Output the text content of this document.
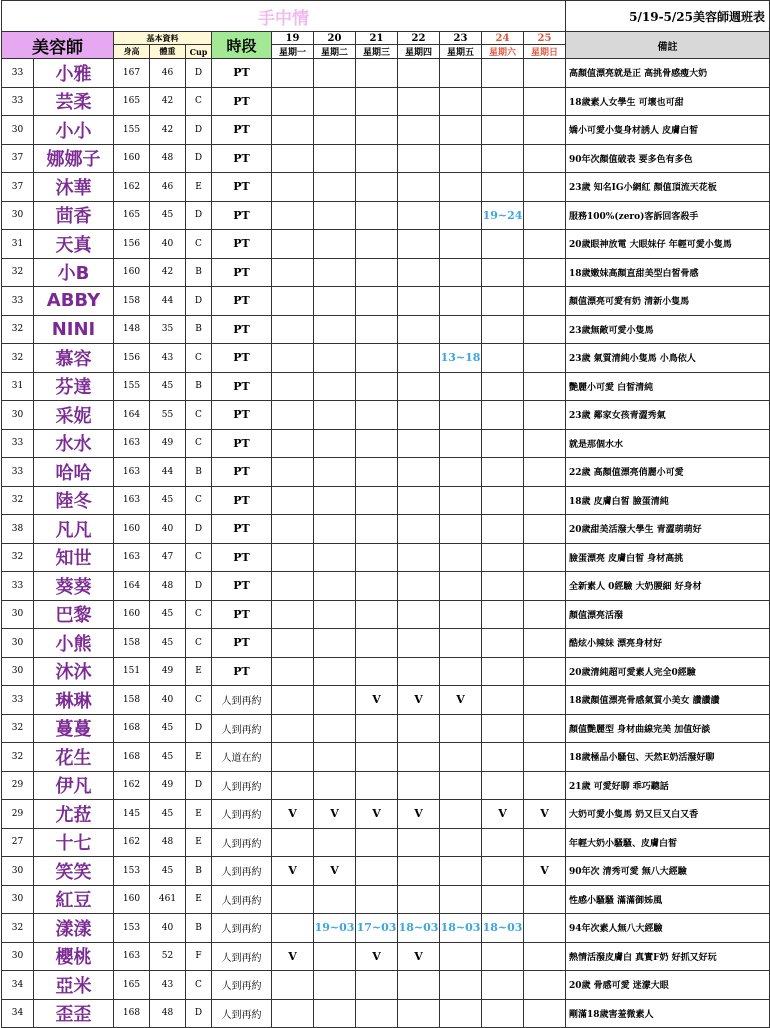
手中情													5/19-5/25美容師週班表
美容師		基本資料			時段	19	20	21	22	23	24	25	備註
		身高	體重	Cup									
						星期一	星期二	星期三	星期四	星期五	星期六	星期日	
33	小雅	167	46	D	PT								高顏值漂亮就是正 高挑骨感瘦大奶
33	芸柔	165	42	C	PT								18歲素人女學生 可壞也可甜
30	小小	155	42	D	PT								嬌小可愛小隻身材誘人 皮膚白皙
37	娜娜子	160	48	D	PT								90年次顏值破表 要多色有多色
37	沐華	162	46	E	PT								23歲 知名IG小網紅 顏值頂流天花板
30	茴香	165	45	D	PT						19~24		服務100%(zero)客訴回客殺手
31	天真	156	40	C	PT								20歲眼神放電 大眼妹仔 年輕可愛小隻馬
32	小B	160	42	B	PT								18歲嫩妹高顏直甜美型白皙骨感
33	ABBY	158	44	D	PT								顏值漂亮可愛有奶 清新小隻馬
32	NINI	148	35	B	PT								23歲無敵可愛小隻馬
32	慕容	156	43	C	PT					13~18			23歲 氣質清純小隻馬 小鳥依人
31	芬達	155	45	B	PT								艷麗小可愛 白皙清純
30	采妮	164	55	C	PT								23歲 鄰家女孩青澀秀氣
33	水水	163	49	C	PT								就是那個水水
33	哈哈	163	44	B	PT								22歲 高顏值漂亮俏麗小可愛
32	陸冬	163	45	C	PT								18歲 皮膚白皙 臉蛋清純
38	凡凡	160	40	D	PT								20歲甜美活潑大學生 青澀萌萌好
32	知世	163	47	C	PT								臉蛋漂亮 皮膚白皙 身材高挑
33	葵葵	164	48	D	PT								全新素人 0經驗 大奶腰細 好身材
30	巴黎	160	45	C	PT								顏值漂亮活潑
30	小熊	158	45	C	PT								酷炫小辣妹 漂亮身材好
30	沐沐	151	49	E	PT								20歲清純超可愛素人完全0經驗
33	琳琳	158	40	C	人到再約			V	V	V			18歲顏值漂亮骨感氣質小美女 讚讚讚
32	蔓蔓	168	45	D	人到再約								顏值艷麗型 身材曲線完美 加值好談
32	花生	168	45	E	人道在約								18歲極品小騷包、天然E奶活潑好聊
29	伊凡	162	49	D	人到再約								21歲 可愛好聊 乖巧聽話
29	尤菈	145	45	E	人到再約	V	V	V	V		V	V	大奶可愛小隻馬 奶又巨又白又香
27	十七	162	48	E	人到再約								年輕大奶小騷騷、皮膚白皙
30	笑笑	153	45	B	人到再約	V	V					V	90年次 清秀可愛 無八大經驗
30	紅豆	160	461	E	人到再約								性感小騷騷 滿滿御姊風
32	漾漾	153	40	B	人到再約		19~03	17~03	18~03	18~03	18~03		94年次素人無八大經驗
30	櫻桃	163	52	F	人到再約	V		V	V				熱情活潑皮膚白 真實F奶 好抓又好玩
34	亞米	165	43	C	人到再約								20歲 骨感可愛 迷濛大眼
34	歪歪	168	48	D	人到再約								剛滿18歲害羞微素人
